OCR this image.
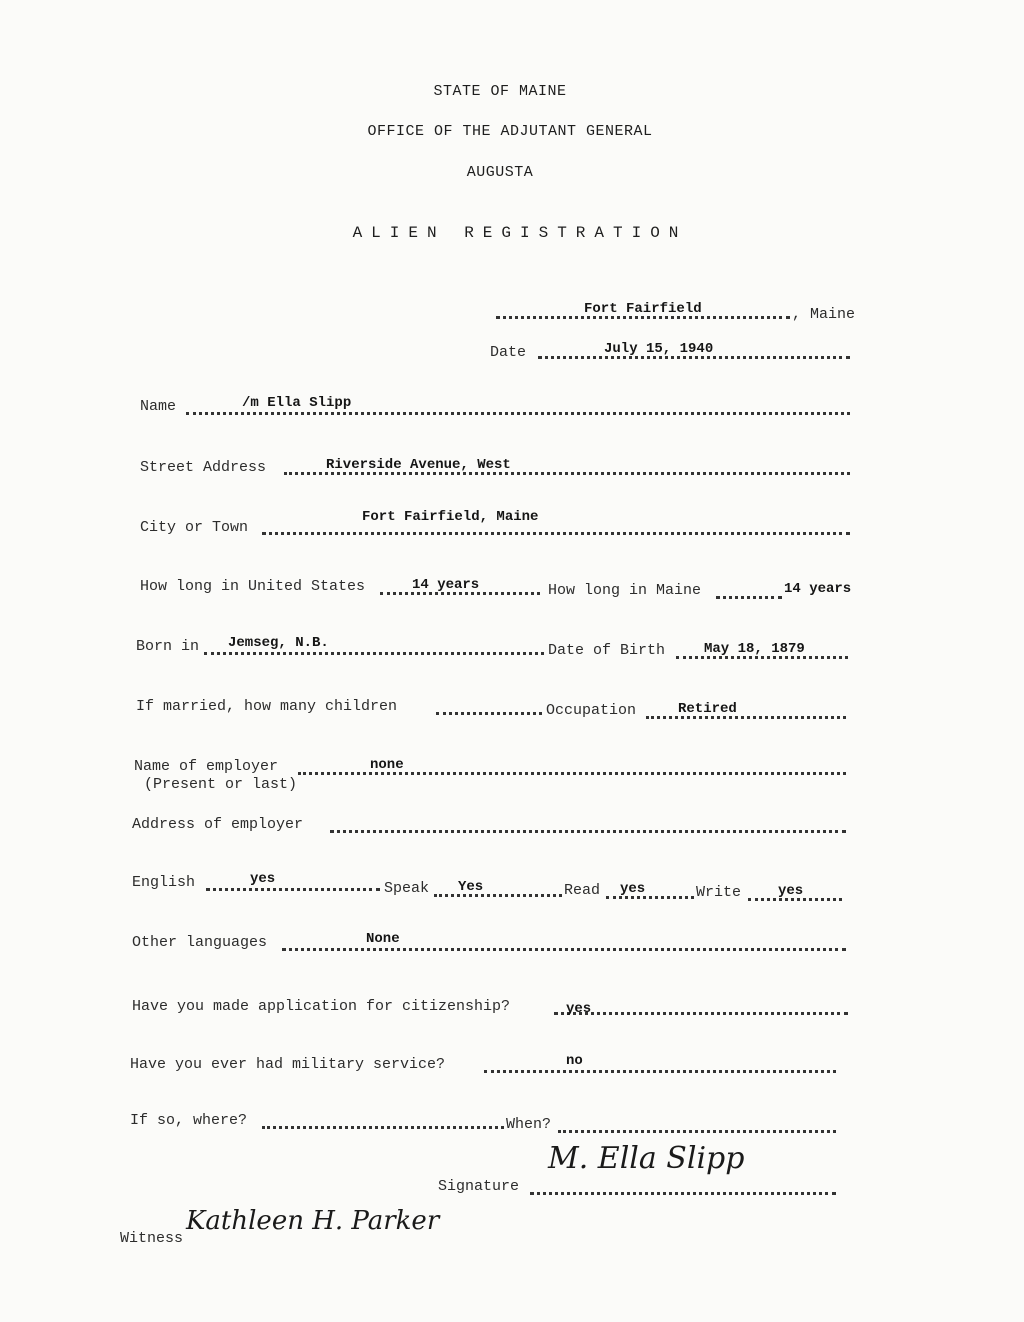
STATE OF MAINE
OFFICE OF THE ADJUTANT GENERAL
AUGUSTA
ALIEN REGISTRATION
Fort Fairfield	, Maine
Date	July 15, 1940
Name	/m Ella Slipp
Street Address	Riverside Avenue, West
City or Town
Fort Fairfield, Maine
How long in United States	14 years	How long in Maine	14 years
Born in Jemseg, N.B.	Date of Birth	May 18, 1879
If married, how many children	Occupation	Retired
Name of employer
(Present or last)
none
Address of employer
English	yes
Speak Yes	Read yes	Write	yes
Other languages	None
Have you made application for citizenship?	yes
Have you ever had military service?	no
If so, where?	When?
Signature
M. Ella Slipp
Witness
Kathleen H. Parker
